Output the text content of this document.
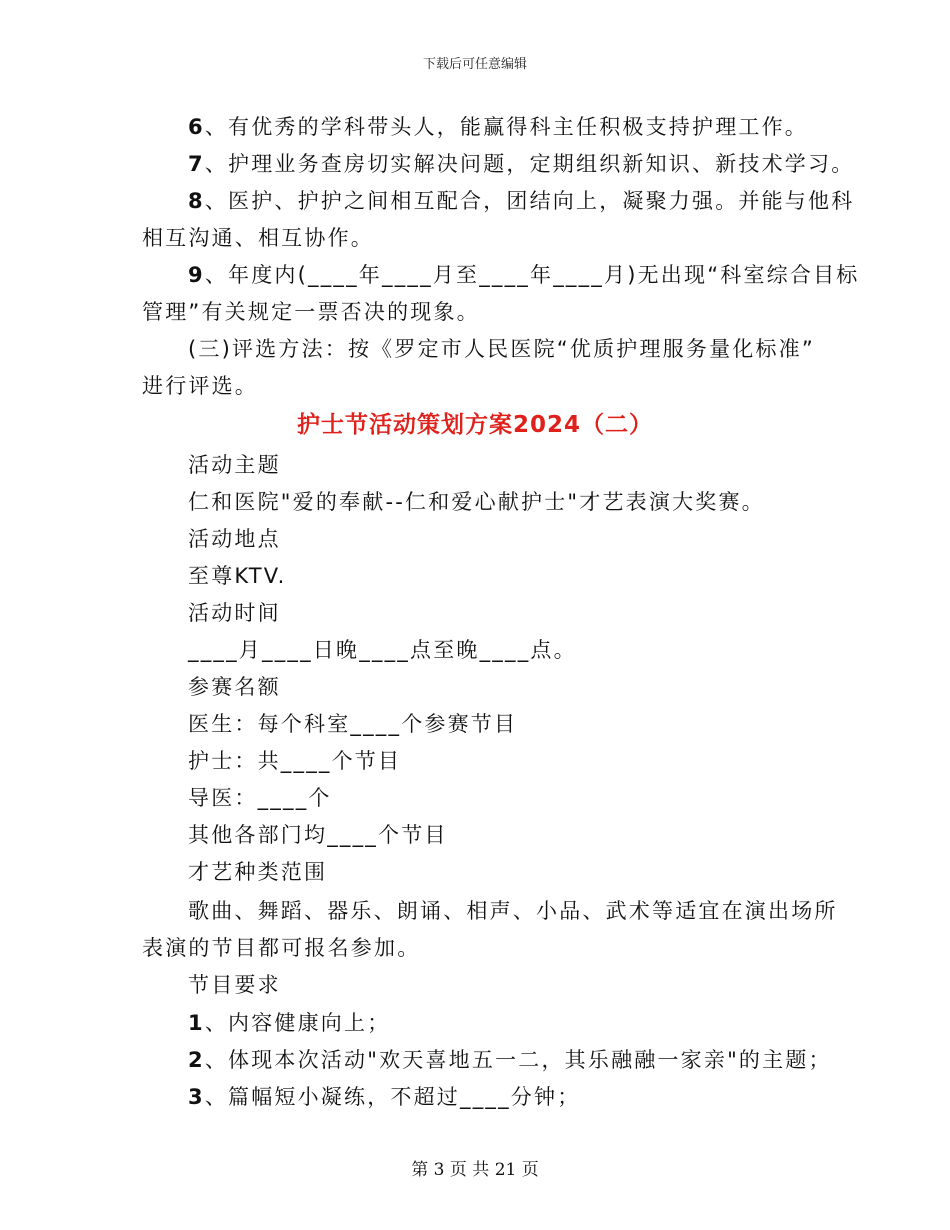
下载后可任意编辑
6、有优秀的学科带头人，能赢得科主任积极支持护理工作。
7、护理业务查房切实解决问题，定期组织新知识、新技术学习。
8、医护、护护之间相互配合，团结向上，凝聚力强。并能与他科
相互沟通、相互协作。
9、年度内(____年____月至____年____月)无出现“科室综合目标
管理”有关规定一票否决的现象。
(三)评选方法：按《罗定市人民医院“优质护理服务量化标准”
进行评选。
护士节活动策划方案2024（二）
活动主题
仁和医院"爱的奉献--仁和爱心献护士"才艺表演大奖赛。
活动地点
至尊KTV.
活动时间
____月____日晚____点至晚____点。
参赛名额
医生：每个科室____个参赛节目
护士：共____个节目
导医：____个
其他各部门均____个节目
才艺种类范围
歌曲、舞蹈、器乐、朗诵、相声、小品、武术等适宜在演出场所
表演的节目都可报名参加。
节目要求
1、内容健康向上；
2、体现本次活动"欢天喜地五一二，其乐融融一家亲"的主题；
3、篇幅短小凝练，不超过____分钟；
第 3 页 共 21 页
